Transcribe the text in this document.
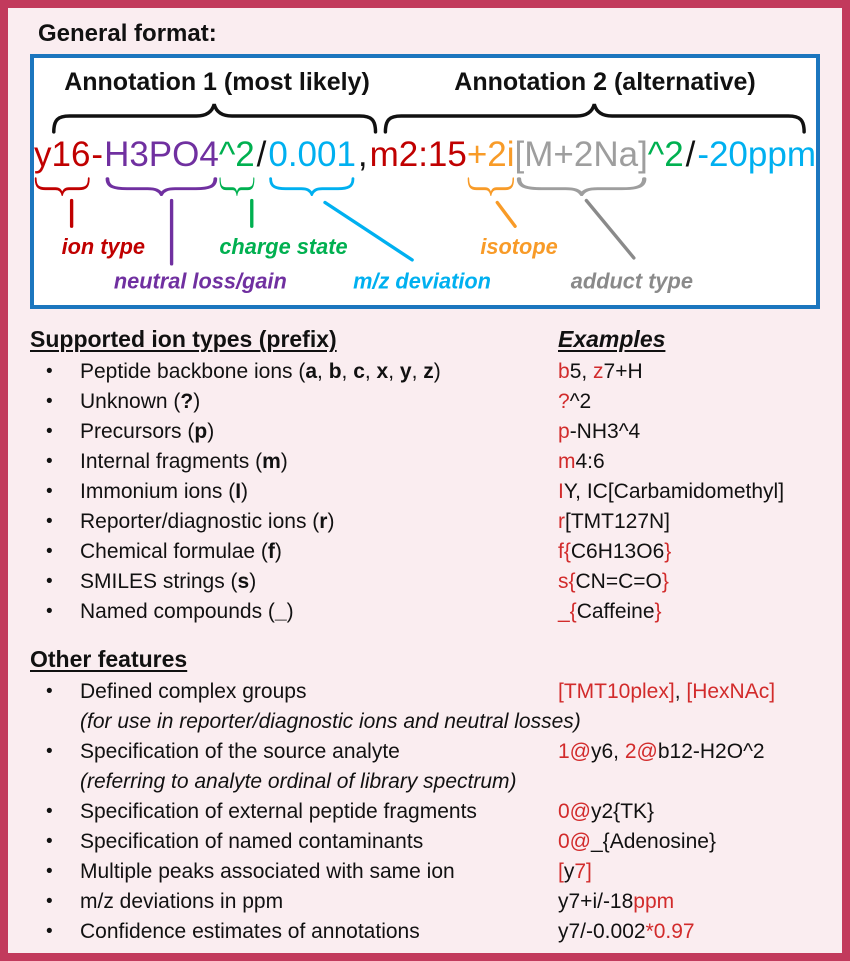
General format:
Annotation 1 (most likely)	Annotation 2 (alternative)
y16 - H3PO4 ^2 / 0.001 , m2:15 +2i [M+2Na] ^2 / -20ppm
ion type
neutral loss/gain
charge state
m/z deviation
isotope
adduct type
Supported ion types (prefix)	Examples
•	Peptide backbone ions (a, b, c, x, y, z)	b5, z7+H
•	Unknown (?)	?^2
•	Precursors (p)	p-NH3^4
•	Internal fragments (m)	m4:6
•	Immonium ions (I)	IY, IC[Carbamidomethyl]
•	Reporter/diagnostic ions (r)	r[TMT127N]
•	Chemical formulae (f)	f{C6H13O6}
•	SMILES strings (s)	s{CN=C=O}
•	Named compounds (_)	_{Caffeine}
Other features
•	Defined complex groups	[TMT10plex], [HexNAc]
(for use in reporter/diagnostic ions and neutral losses)
•	Specification of the source analyte	1@y6, 2@b12-H2O^2
(referring to analyte ordinal of library spectrum)
•	Specification of external peptide fragments	0@y2{TK}
•	Specification of named contaminants	0@_{Adenosine}
•	Multiple peaks associated with same ion	[y7]
•	m/z deviations in ppm	y7+i/-18ppm
•	Confidence estimates of annotations	y7/-0.002*0.97
